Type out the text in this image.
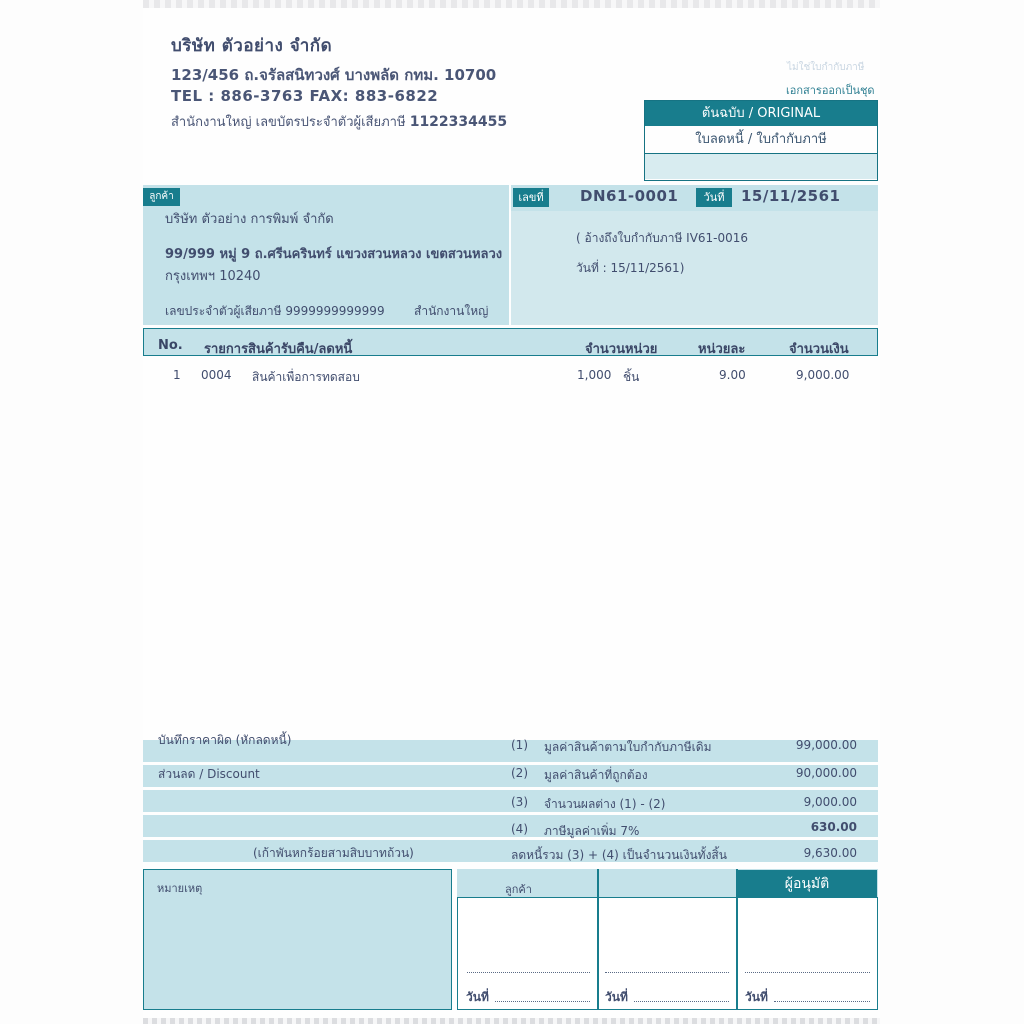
บริษัท ตัวอย่าง จำกัด
123/456 ถ.จรัลสนิทวงศ์ บางพลัด กทม. 10700
TEL : 886-3763 FAX: 883-6822
สำนักงานใหญ่ เลขบัตรประจำตัวผู้เสียภาษี 1122334455
ไม่ใช่ใบกำกับภาษี
เอกสารออกเป็นชุด
ต้นฉบับ / ORIGINAL
ใบลดหนี้ / ใบกำกับภาษี
ลูกค้า
บริษัท ตัวอย่าง การพิมพ์ จำกัด
99/999 หมู่ 9 ถ.ศรีนครินทร์ แขวงสวนหลวง เขตสวนหลวง
กรุงเทพฯ 10240
เลขประจำตัวผู้เสียภาษี 9999999999999 สำนักงานใหญ่
เลขที่	DN61-0001	วันที่	15/11/2561
( อ้างถึงใบกำกับภาษี IV61-0016
วันที่ : 15/11/2561)
No. รายการสินค้ารับคืน/ลดหนี้	จำนวนหน่วย	หน่วยละ	จำนวนเงิน
1 0004 สินค้าเพื่อการทดสอบ	1,000 ชิ้น	9.00	9,000.00
บันทึกราคาผิด (หักลดหนี้)
ส่วนลด / Discount
(เก้าพันหกร้อยสามสิบบาทถ้วน)
(1) มูลค่าสินค้าตามใบกำกับภาษีเดิม	99,000.00
(2) มูลค่าสินค้าที่ถูกต้อง	90,000.00
(3) จำนวนผลต่าง (1) - (2)	9,000.00
(4) ภาษีมูลค่าเพิ่ม 7%	630.00
ลดหนี้รวม (3) + (4) เป็นจำนวนเงินทั้งสิ้น	9,630.00
หมายเหตุ	ผู้อนุมัติ
ลูกค้า
วันที่	วันที่	วันที่
